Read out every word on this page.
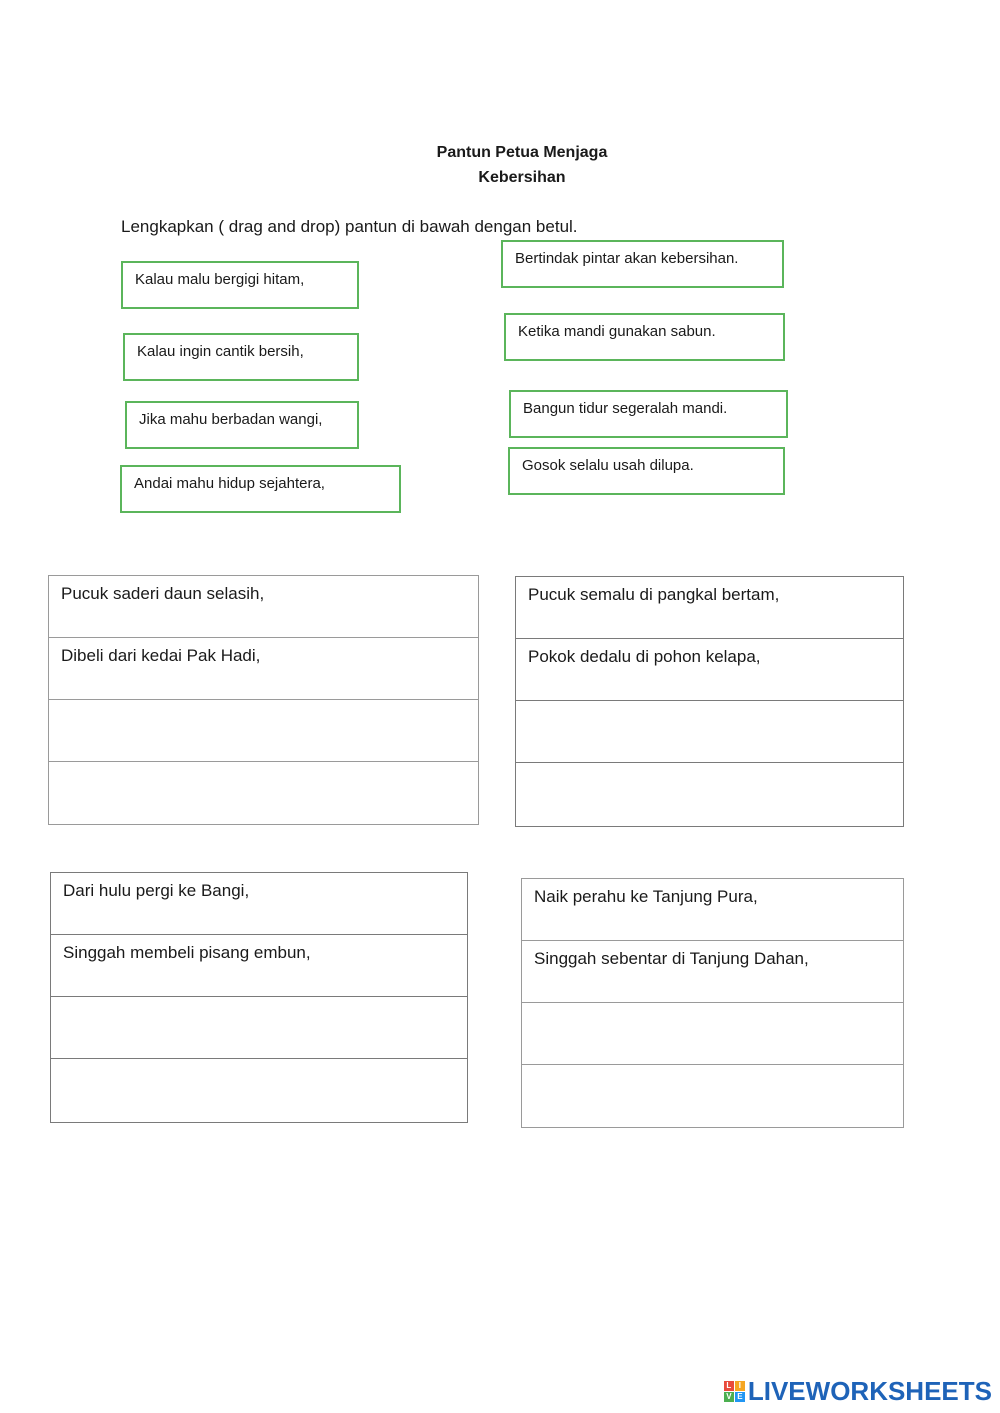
Pantun Petua Menjaga
Kebersihan
Lengkapkan ( drag and drop) pantun di bawah dengan betul.
Kalau malu bergigi hitam,
Kalau ingin cantik bersih,
Jika mahu berbadan wangi,
Andai mahu hidup sejahtera,
Bertindak pintar akan kebersihan.
Ketika mandi gunakan sabun.
Bangun tidur segeralah mandi.
Gosok selalu usah dilupa.
Pucuk saderi daun selasih,
Dibeli dari kedai Pak Hadi,
Pucuk semalu di pangkal bertam,
Pokok dedalu di pohon kelapa,
Dari hulu pergi ke Bangi,
Singgah membeli pisang embun,
Naik perahu ke Tanjung Pura,
Singgah sebentar di Tanjung Dahan,
L I
V E LIVEWORKSHEETS
